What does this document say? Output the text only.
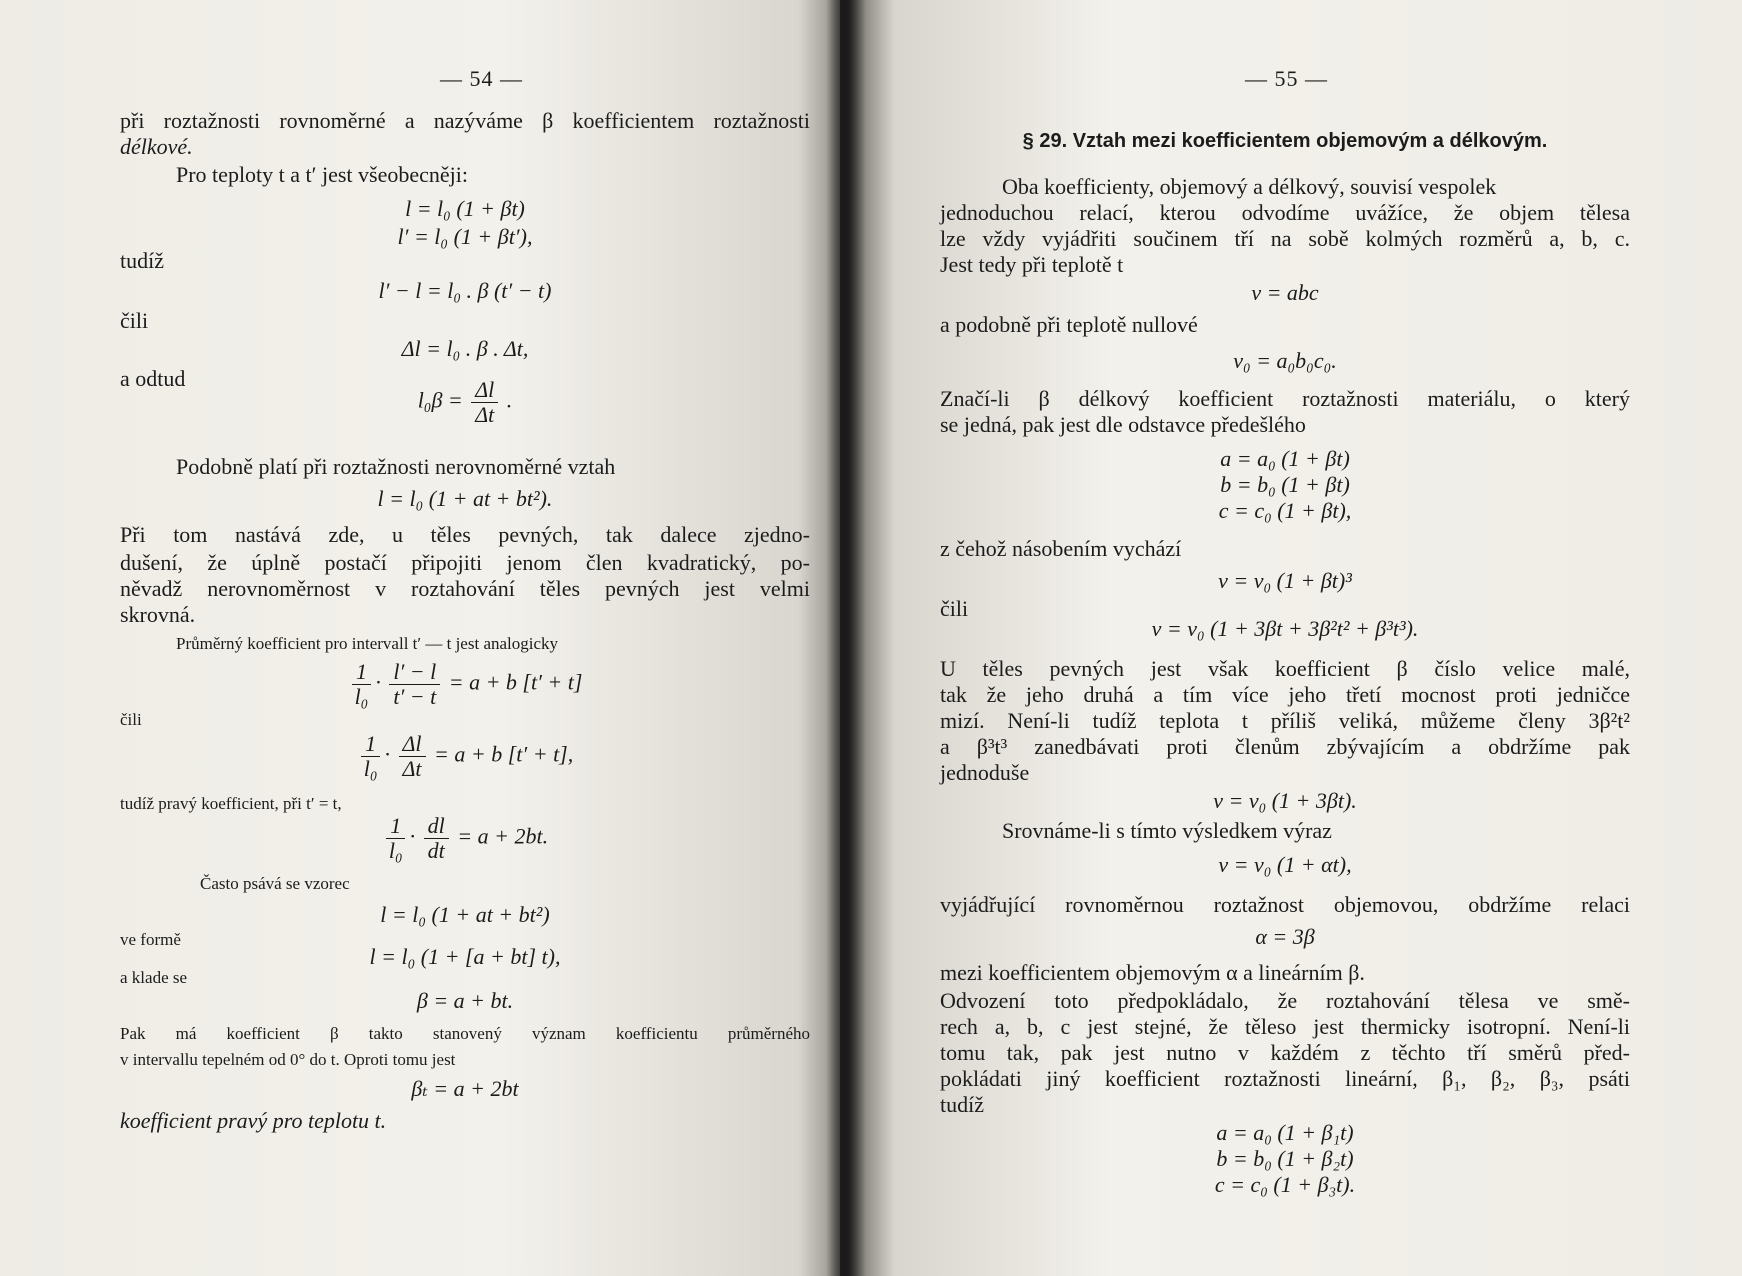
— 54 —
při roztažnosti rovnoměrné a nazýváme β koefficientem roztažnosti
délkové.
Pro teploty t a t′ jest všeobecněji:
l = l₀ (1 + βt)
l′ = l₀ (1 + βt′),
tudíž
l′ − l = l₀ . β (t′ − t)
čili
Δl = l₀ . β . Δt,
a odtud
$l_0\beta = \frac{\Delta l}{\Delta t}$ .
Podobně platí při roztažnosti nerovnoměrné vztah
l = l₀ (1 + at + bt²).
Při tom nastává zde, u těles pevných, tak dalece zjedno-
dušení, že úplně postačí připojiti jenom člen kvadratický, po-
něvadž nerovnoměrnost v roztahování těles pevných jest velmi
skrovná.
Průměrný koefficient pro intervall t′ — t jest analogicky
$\frac{1}{\text{l₀}} \cdot \frac{l' - l}{t' - t} = a + b$ [t′ + t]
čili
$\frac{1}{\text{l₀}} \cdot \frac{\Delta l}{\Delta t} = a + b$ [t′ + t],
tudíž pravý koefficient, při t′ = t,
$\frac{1}{\text{l₀}} \cdot \frac{dl}{dt} = a + 2bt$.
Často psává se vzorec
l = l₀ (1 + at + bt²)
ve formě
l = l₀ (1 + [a + bt] t),
a klade se
β = a + bt.
Pak má koefficient β takto stanovený význam koefficientu průměrného
v intervallu tepelném od 0° do t. Oproti tomu jest
βₜ = a + 2bt
koefficient pravý pro teplotu t.
— 55 —
§ 29. Vztah mezi koefficientem objemovým a délkovým.
Oba koefficienty, objemový a délkový, souvisí vespolek
jednoduchou relací, kterou odvodíme uvážíce, že objem tělesa
lze vždy vyjádřiti součinem tří na sobě kolmých rozměrů a, b, c.
Jest tedy při teplotě t
v = abc
a podobně při teplotě nullové
v₀ = a₀b₀c₀.
Značí-li β délkový koefficient roztažnosti materiálu, o který
se jedná, pak jest dle odstavce předešlého
a = a₀ (1 + βt)
b = b₀ (1 + βt)
c = c₀ (1 + βt),
z čehož násobením vychází
v = v₀ (1 + βt)³
čili
v = v₀ (1 + 3βt + 3β²t² + β³t³).
U těles pevných jest však koefficient β číslo velice malé,
tak že jeho druhá a tím více jeho třetí mocnost proti jedničce
mizí. Není-li tudíž teplota t příliš veliká, můžeme členy 3β²t²
a β³t³ zanedbávati proti členům zbývajícím a obdržíme pak
jednoduše
v = v₀ (1 + 3βt).
Srovnáme-li s tímto výsledkem výraz
v = v₀ (1 + αt),
vyjádřující rovnoměrnou roztažnost objemovou, obdržíme relaci
α = 3β
mezi koefficientem objemovým α a lineárním β.
Odvození toto předpokládalo, že roztahování tělesa ve smě-
rech a, b, c jest stejné, že těleso jest thermicky isotropní. Není-li
tomu tak, pak jest nutno v každém z těchto tří směrů před-
pokládati jiný koefficient roztažnosti lineární, β₁, β₂, β₃, psáti
tudíž
a = a₀ (1 + β₁t)
b = b₀ (1 + β₂t)
c = c₀ (1 + β₃t).
